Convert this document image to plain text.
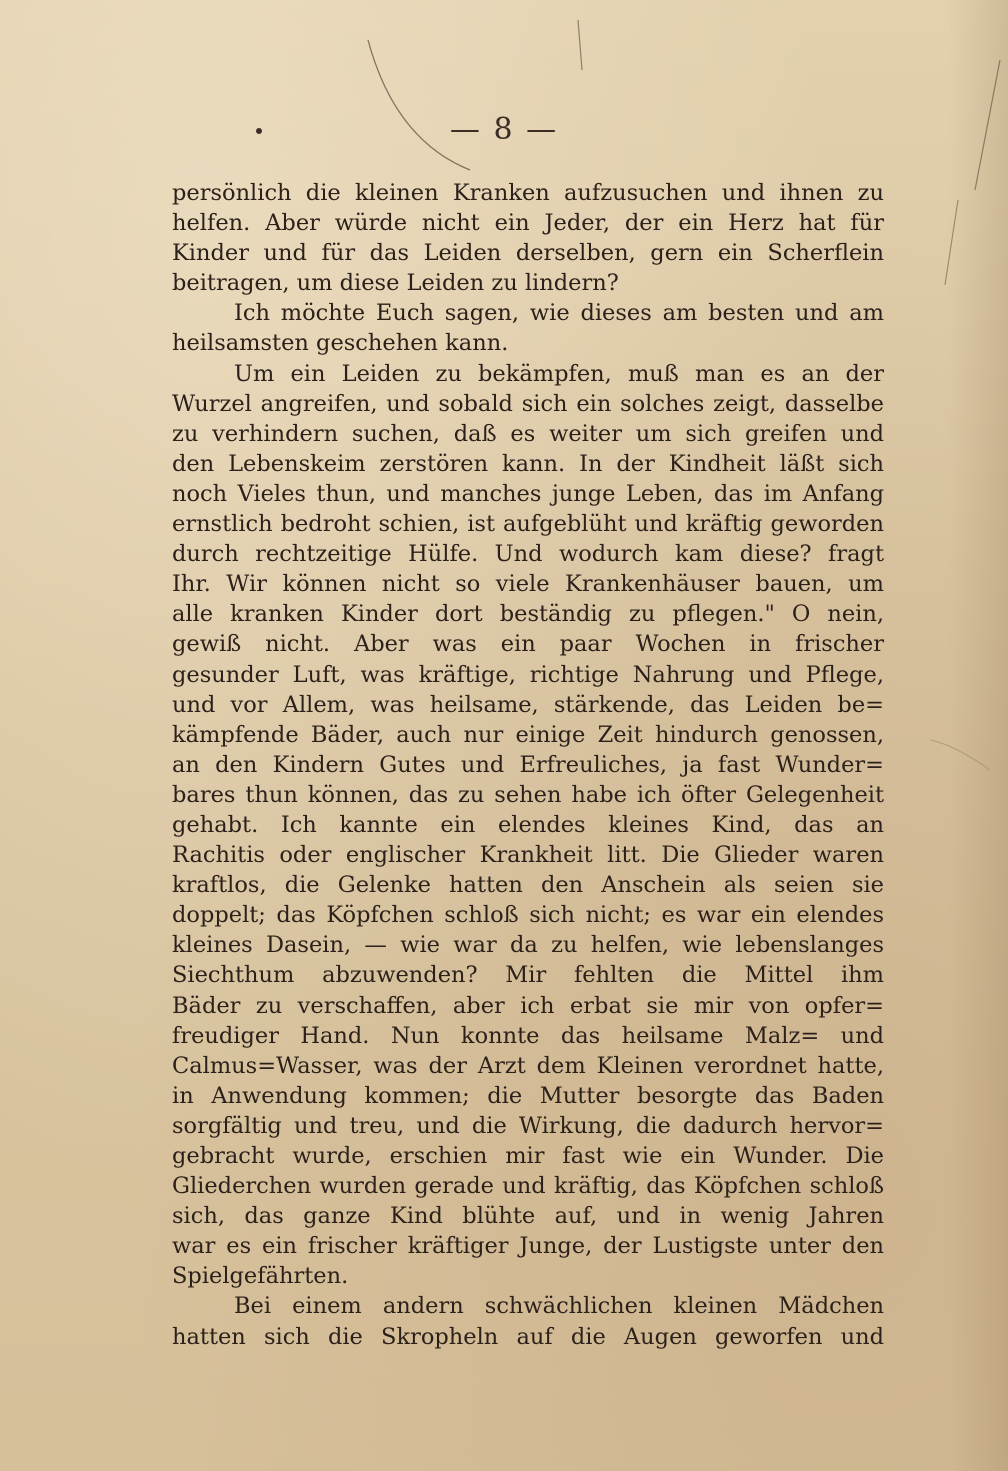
— 8 —
persönlich die kleinen Kranken aufzusuchen und ihnen zu
helfen. Aber würde nicht ein Jeder, der ein Herz hat für
Kinder und für das Leiden derselben, gern ein Scherflein
beitragen, um diese Leiden zu lindern?
Ich möchte Euch sagen, wie dieses am besten und am
heilsamsten geschehen kann.
Um ein Leiden zu bekämpfen, muß man es an der
Wurzel angreifen, und sobald sich ein solches zeigt, dasselbe
zu verhindern suchen, daß es weiter um sich greifen und
den Lebenskeim zerstören kann. In der Kindheit läßt sich
noch Vieles thun, und manches junge Leben, das im Anfang
ernstlich bedroht schien, ist aufgeblüht und kräftig geworden
durch rechtzeitige Hülfe. Und wodurch kam diese? fragt
Ihr. Wir können nicht so viele Krankenhäuser bauen, um
alle kranken Kinder dort beständig zu pflegen." O nein,
gewiß nicht. Aber was ein paar Wochen in frischer
gesunder Luft, was kräftige, richtige Nahrung und Pflege,
und vor Allem, was heilsame, stärkende, das Leiden be=
kämpfende Bäder, auch nur einige Zeit hindurch genossen,
an den Kindern Gutes und Erfreuliches, ja fast Wunder=
bares thun können, das zu sehen habe ich öfter Gelegenheit
gehabt. Ich kannte ein elendes kleines Kind, das an
Rachitis oder englischer Krankheit litt. Die Glieder waren
kraftlos, die Gelenke hatten den Anschein als seien sie
doppelt; das Köpfchen schloß sich nicht; es war ein elendes
kleines Dasein, — wie war da zu helfen, wie lebenslanges
Siechthum abzuwenden? Mir fehlten die Mittel ihm
Bäder zu verschaffen, aber ich erbat sie mir von opfer=
freudiger Hand. Nun konnte das heilsame Malz= und
Calmus=Wasser, was der Arzt dem Kleinen verordnet hatte,
in Anwendung kommen; die Mutter besorgte das Baden
sorgfältig und treu, und die Wirkung, die dadurch hervor=
gebracht wurde, erschien mir fast wie ein Wunder. Die
Gliederchen wurden gerade und kräftig, das Köpfchen schloß
sich, das ganze Kind blühte auf, und in wenig Jahren
war es ein frischer kräftiger Junge, der Lustigste unter den
Spielgefährten.
Bei einem andern schwächlichen kleinen Mädchen
hatten sich die Skropheln auf die Augen geworfen und
